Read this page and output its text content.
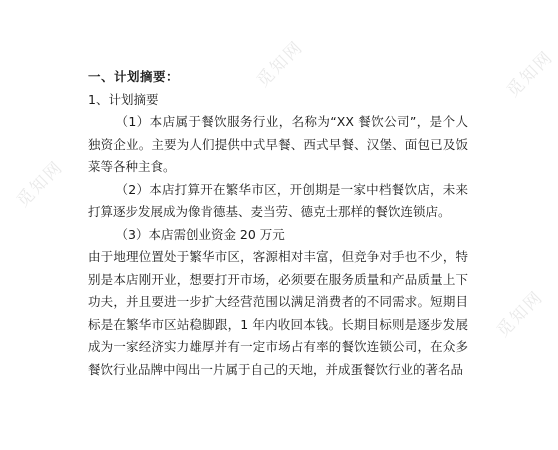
觅知网	觅知网
觅知网
觅知网

一、计划摘要：

1、计划摘要

（1）本店属于餐饮服务行业，名称为“XX 餐饮公司”，是个人独资企业。主要为人们提供中式早餐、西式早餐、汉堡、面包已及饭菜等各种主食。

（2）本店打算开在繁华市区，开创期是一家中档餐饮店，未来打算逐步发展成为像肯德基、麦当劳、德克士那样的餐饮连锁店。

（3）本店需创业资金 20 万元

由于地理位置处于繁华市区，客源相对丰富，但竞争对手也不少，特别是本店刚开业，想要打开市场，必须要在服务质量和产品质量上下功夫，并且要进一步扩大经营范围以满足消费者的不同需求。短期目标是在繁华市区站稳脚跟，1 年内收回本钱。长期目标则是逐步发展成为一家经济实力雄厚并有一定市场占有率的餐饮连锁公司，在众多餐饮行业品牌中闯出一片属于自己的天地，并成蛋餐饮行业的著名品
